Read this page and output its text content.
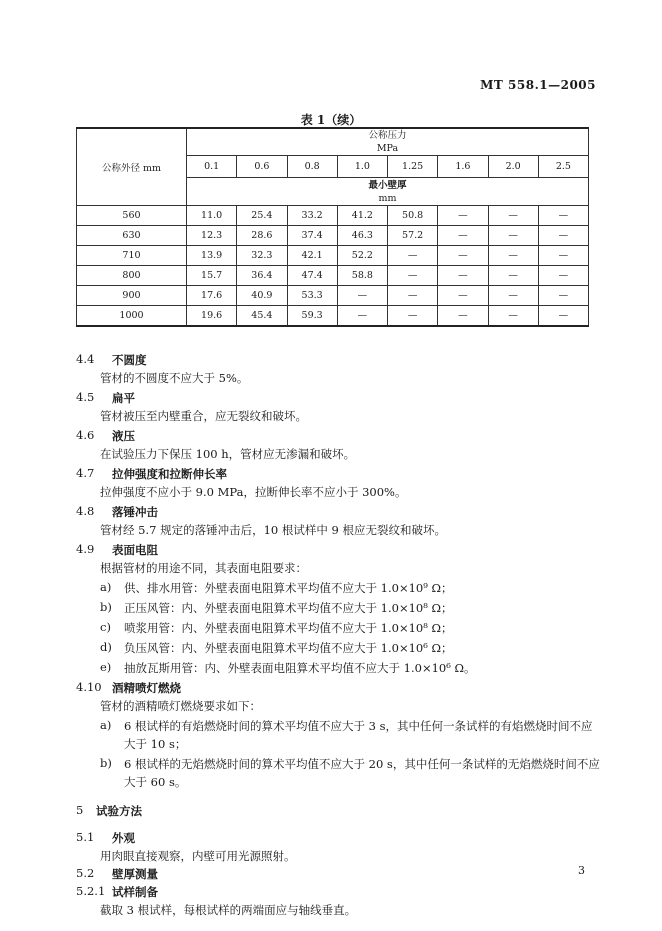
MT 558.1—2005
表 1（续）
公称外径 mm	公称压力
MPa							

	0.1	0.6	0.8	1.0	1.25	1.6	2.0	2.5

	最小壁厚
mm							

560	11.0	25.4	33.2	41.2	50.8	—	—	—
630	12.3	28.6	37.4	46.3	57.2	—	—	—
710	13.9	32.3	42.1	52.2	—	—	—	—
800	15.7	36.4	47.4	58.8	—	—	—	—
900	17.6	40.9	53.3	—	—	—	—	—
1000	19.6	45.4	59.3	—	—	—	—	—
4.4 不圆度
管材的不圆度不应大于 5%。
4.5 扁平
管材被压至内壁重合，应无裂纹和破坏。
4.6 液压
在试验压力下保压 100 h，管材应无渗漏和破坏。
4.7 拉伸强度和拉断伸长率
拉伸强度不应小于 9.0 MPa，拉断伸长率不应小于 300%。
4.8 落锤冲击
管材经 5.7 规定的落锤冲击后，10 根试样中 9 根应无裂纹和破坏。
4.9 表面电阻
根据管材的用途不同，其表面电阻要求：
a) 供、排水用管：外壁表面电阻算术平均值不应大于 1.0×10⁹ Ω；
b) 正压风管：内、外壁表面电阻算术平均值不应大于 1.0×10⁸ Ω；
c) 喷浆用管：内、外壁表面电阻算术平均值不应大于 1.0×10⁸ Ω；
d) 负压风管：内、外壁表面电阻算术平均值不应大于 1.0×10⁶ Ω；
e) 抽放瓦斯用管：内、外壁表面电阻算术平均值不应大于 1.0×10⁶ Ω。
4.10 酒精喷灯燃烧
管材的酒精喷灯燃烧要求如下：
a) 6 根试样的有焰燃烧时间的算术平均值不应大于 3 s，其中任何一条试样的有焰燃烧时间不应
大于 10 s；
b) 6 根试样的无焰燃烧时间的算术平均值不应大于 20 s，其中任何一条试样的无焰燃烧时间不应
大于 60 s。
5 试验方法
5.1 外观
用肉眼直接观察，内壁可用光源照射。
5.2 壁厚测量
5.2.1 试样制备
截取 3 根试样，每根试样的两端面应与轴线垂直。
3
